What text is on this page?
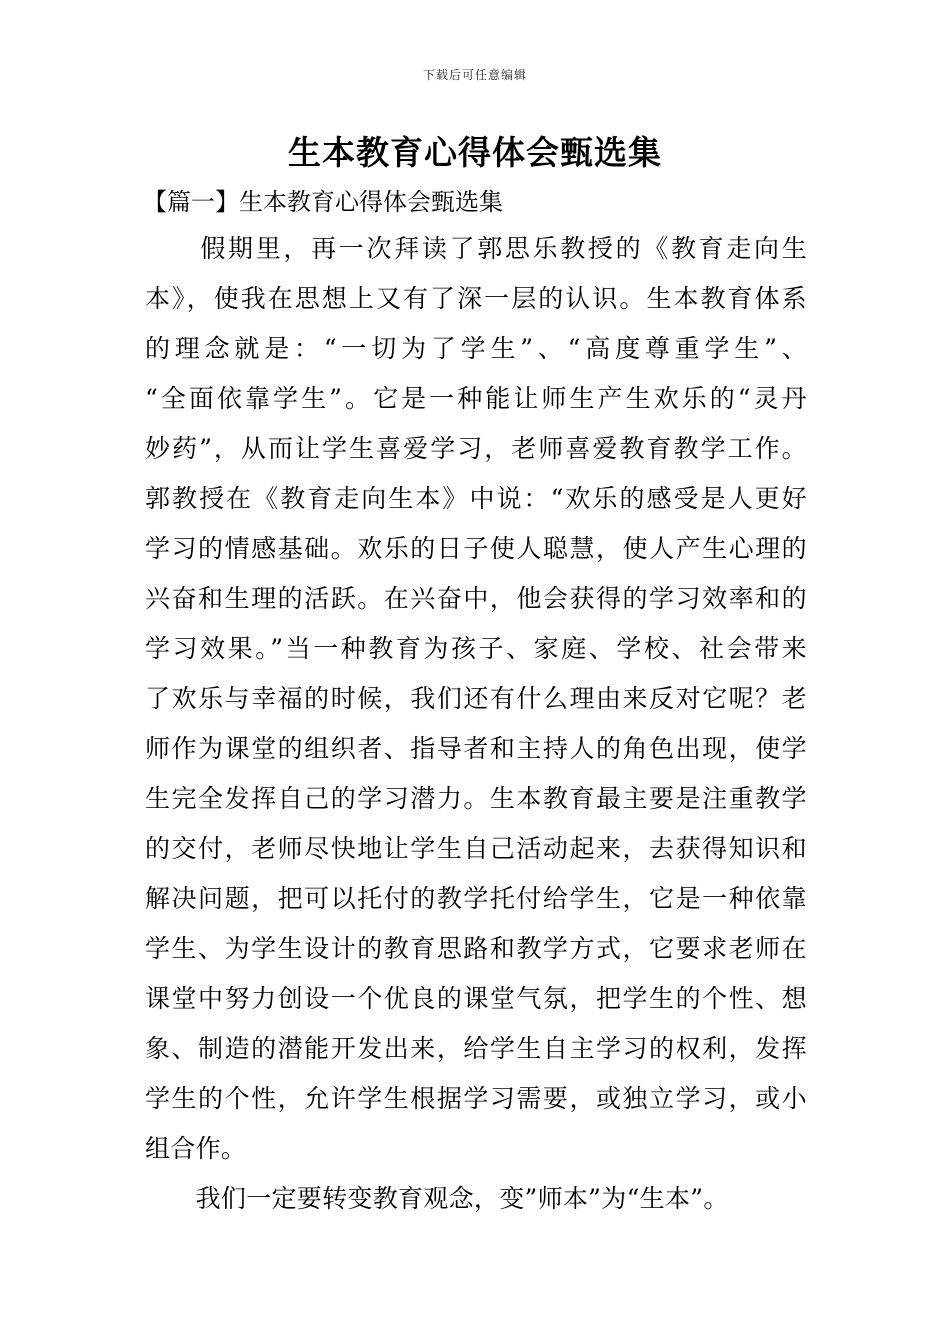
下载后可任意编辑
生本教育心得体会甄选集
【篇一】生本教育心得体会甄选集
　　假期里，再一次拜读了郭思乐教授的《教育走向生
本》，使我在思想上又有了深一层的认识。生本教育体系
的理念就是：“一切为了学生”、“高度尊重学生”、
“全面依靠学生”。它是一种能让师生产生欢乐的“灵丹
妙药”，从而让学生喜爱学习，老师喜爱教育教学工作。
郭教授在《教育走向生本》中说：“欢乐的感受是人更好
学习的情感基础。欢乐的日子使人聪慧，使人产生心理的
兴奋和生理的活跃。在兴奋中，他会获得的学习效率和的
学习效果。”当一种教育为孩子、家庭、学校、社会带来
了欢乐与幸福的时候，我们还有什么理由来反对它呢？老
师作为课堂的组织者、指导者和主持人的角色出现，使学
生完全发挥自己的学习潜力。生本教育最主要是注重教学
的交付，老师尽快地让学生自己活动起来，去获得知识和
解决问题，把可以托付的教学托付给学生，它是一种依靠
学生、为学生设计的教育思路和教学方式，它要求老师在
课堂中努力创设一个优良的课堂气氛，把学生的个性、想
象、制造的潜能开发出来，给学生自主学习的权利，发挥
学生的个性，允许学生根据学习需要，或独立学习，或小
组合作。
　　我们一定要转变教育观念，变”师本”为“生本”。
